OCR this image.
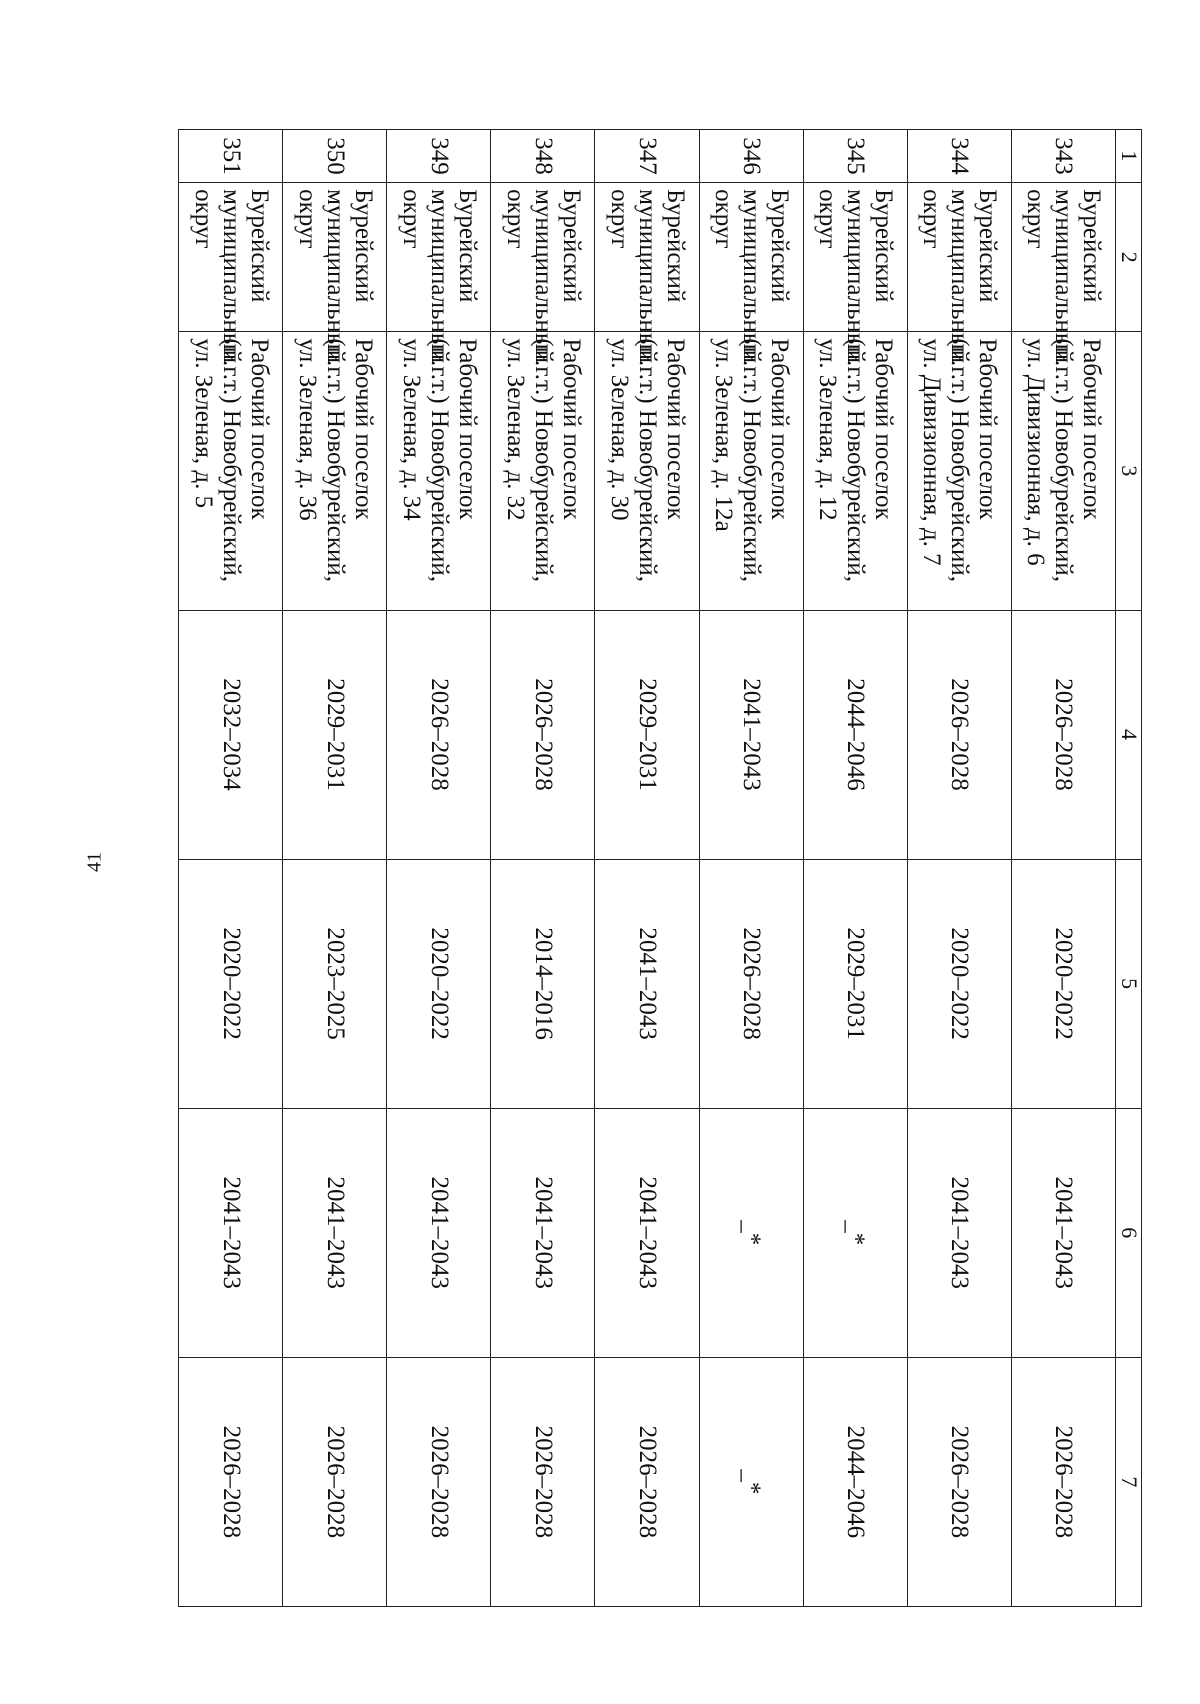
41
1	2	3	4	5	6	7
343	Бурейский
муниципальный
округ	Рабочий поселок
(п.г.т.) Новобурейский,
ул. Дивизионная, д. 6	2026–2028	2020–2022	2041–2043	2026–2028
344	Бурейский
муниципальный
округ	Рабочий поселок
(п.г.т.) Новобурейский,
ул. Дивизионная, д. 7	2026–2028	2020–2022	2041–2043	2026–2028
345	Бурейский
муниципальный
округ	Рабочий поселок
(п.г.т.) Новобурейский,
ул. Зеленая, д. 12	2044–2046	2029–2031	_*	2044–2046
346	Бурейский
муниципальный
округ	Рабочий поселок
(п.г.т.) Новобурейский,
ул. Зеленая, д. 12а	2041–2043	2026–2028	_*	_*
347	Бурейский
муниципальный
округ	Рабочий поселок
(п.г.т.) Новобурейский,
ул. Зеленая, д. 30	2029–2031	2041–2043	2041–2043	2026–2028
348	Бурейский
муниципальный
округ	Рабочий поселок
(п.г.т.) Новобурейский,
ул. Зеленая, д. 32	2026–2028	2014–2016	2041–2043	2026–2028
349	Бурейский
муниципальный
округ	Рабочий поселок
(п.г.т.) Новобурейский,
ул. Зеленая, д. 34	2026–2028	2020–2022	2041–2043	2026–2028
350	Бурейский
муниципальный
округ	Рабочий поселок
(п.г.т.) Новобурейский,
ул. Зеленая, д. 36	2029–2031	2023–2025	2041–2043	2026–2028
351	Бурейский
муниципальный
округ	Рабочий поселок
(п.г.т.) Новобурейский,
ул. Зеленая, д. 5	2032–2034	2020–2022	2041–2043	2026–2028
